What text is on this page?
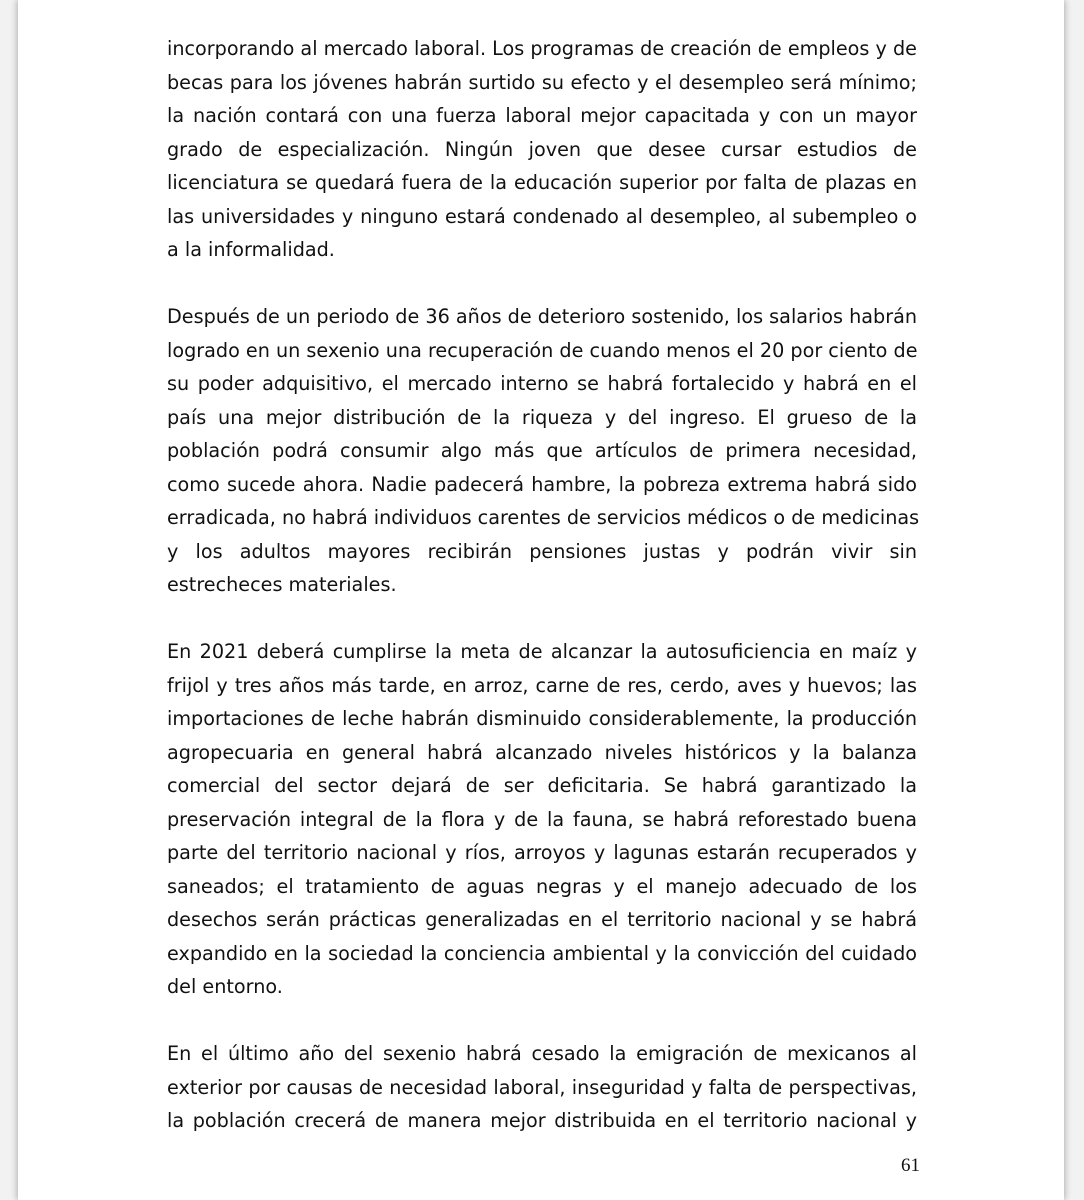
incorporando al mercado laboral. Los programas de creación de empleos y de
becas para los jóvenes habrán surtido su efecto y el desempleo será mínimo;
la nación contará con una fuerza laboral mejor capacitada y con un mayor
grado de especialización. Ningún joven que desee cursar estudios de
licenciatura se quedará fuera de la educación superior por falta de plazas en
las universidades y ninguno estará condenado al desempleo, al subempleo o
a la informalidad.

Después de un periodo de 36 años de deterioro sostenido, los salarios habrán
logrado en un sexenio una recuperación de cuando menos el 20 por ciento de
su poder adquisitivo, el mercado interno se habrá fortalecido y habrá en el
país una mejor distribución de la riqueza y del ingreso. El grueso de la
población podrá consumir algo más que artículos de primera necesidad,
como sucede ahora. Nadie padecerá hambre, la pobreza extrema habrá sido
erradicada, no habrá individuos carentes de servicios médicos o de medicinas
y los adultos mayores recibirán pensiones justas y podrán vivir sin
estrecheces materiales.

En 2021 deberá cumplirse la meta de alcanzar la autosuficiencia en maíz y
frijol y tres años más tarde, en arroz, carne de res, cerdo, aves y huevos; las
importaciones de leche habrán disminuido considerablemente, la producción
agropecuaria en general habrá alcanzado niveles históricos y la balanza
comercial del sector dejará de ser deficitaria. Se habrá garantizado la
preservación integral de la flora y de la fauna, se habrá reforestado buena
parte del territorio nacional y ríos, arroyos y lagunas estarán recuperados y
saneados; el tratamiento de aguas negras y el manejo adecuado de los
desechos serán prácticas generalizadas en el territorio nacional y se habrá
expandido en la sociedad la conciencia ambiental y la convicción del cuidado
del entorno.

En el último año del sexenio habrá cesado la emigración de mexicanos al
exterior por causas de necesidad laboral, inseguridad y falta de perspectivas,
la población crecerá de manera mejor distribuida en el territorio nacional y

61
